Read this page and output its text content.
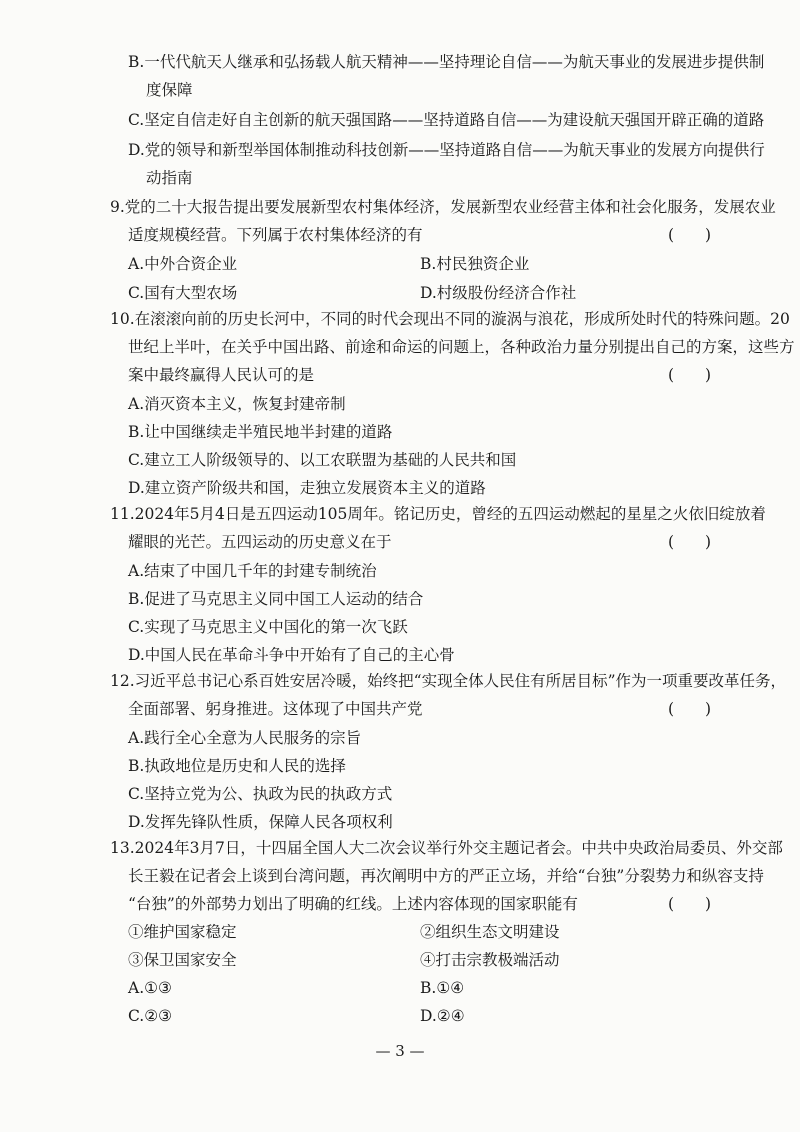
B.一代代航天人继承和弘扬载人航天精神——坚持理论自信——为航天事业的发展进步提供制
度保障
C.坚定自信走好自主创新的航天强国路——坚持道路自信——为建设航天强国开辟正确的道路
D.党的领导和新型举国体制推动科技创新——坚持道路自信——为航天事业的发展方向提供行
动指南
9.党的二十大报告提出要发展新型农村集体经济，发展新型农业经营主体和社会化服务，发展农业
适度规模经营。下列属于农村集体经济的有	(　　)
A.中外合资企业	B.村民独资企业
C.国有大型农场	D.村级股份经济合作社
10.在滚滚向前的历史长河中，不同的时代会现出不同的漩涡与浪花，形成所处时代的特殊问题。20
世纪上半叶，在关乎中国出路、前途和命运的问题上，各种政治力量分别提出自己的方案，这些方
案中最终赢得人民认可的是	(　　)
A.消灭资本主义，恢复封建帝制
B.让中国继续走半殖民地半封建的道路
C.建立工人阶级领导的、以工农联盟为基础的人民共和国
D.建立资产阶级共和国，走独立发展资本主义的道路
11.2024年5月4日是五四运动105周年。铭记历史，曾经的五四运动燃起的星星之火依旧绽放着
耀眼的光芒。五四运动的历史意义在于	(　　)
A.结束了中国几千年的封建专制统治
B.促进了马克思主义同中国工人运动的结合
C.实现了马克思主义中国化的第一次飞跃
D.中国人民在革命斗争中开始有了自己的主心骨
12.习近平总书记心系百姓安居冷暖，始终把“实现全体人民住有所居目标”作为一项重要改革任务，
全面部署、躬身推进。这体现了中国共产党	(　　)
A.践行全心全意为人民服务的宗旨
B.执政地位是历史和人民的选择
C.坚持立党为公、执政为民的执政方式
D.发挥先锋队性质，保障人民各项权利
13.2024年3月7日，十四届全国人大二次会议举行外交主题记者会。中共中央政治局委员、外交部
长王毅在记者会上谈到台湾问题，再次阐明中方的严正立场，并给“台独”分裂势力和纵容支持
“台独”的外部势力划出了明确的红线。上述内容体现的国家职能有	(　　)
①维护国家稳定	②组织生态文明建设
③保卫国家安全	④打击宗教极端活动
A.①③	B.①④
C.②③	D.②④
— 3 —
